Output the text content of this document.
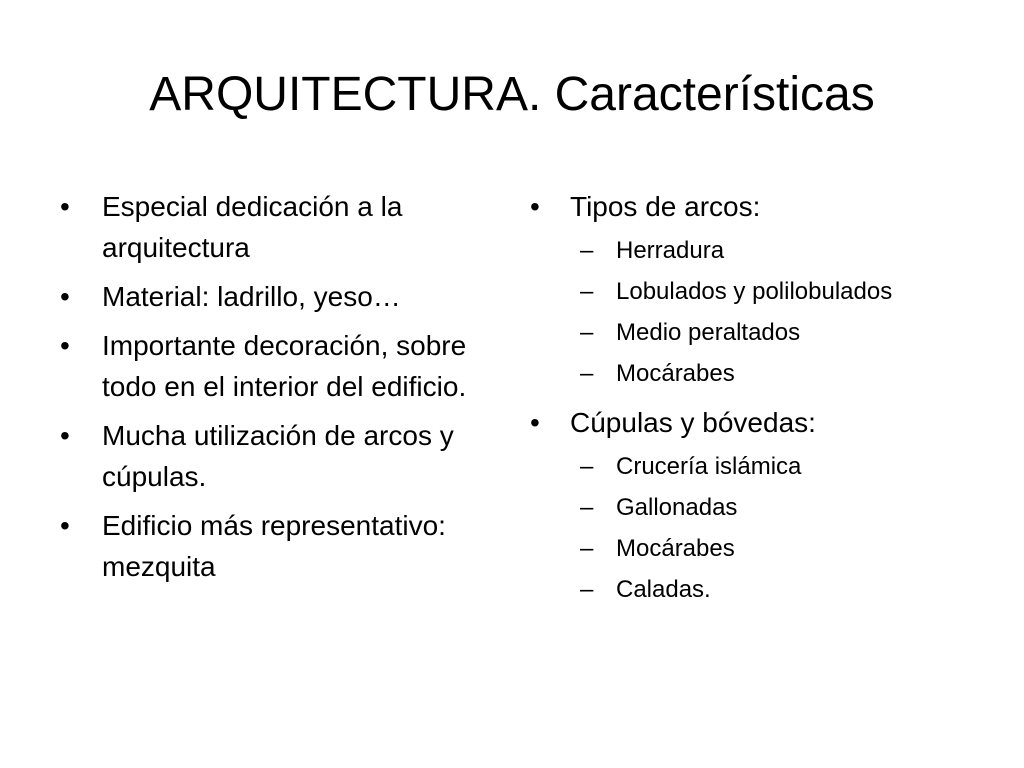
ARQUITECTURA. Características
• Especial dedicación a la arquitectura
• Material: ladrillo, yeso…
• Importante decoración, sobre todo en el interior del edificio.
• Mucha utilización de arcos y cúpulas.
• Edificio más representativo: mezquita
• Tipos de arcos:
– Herradura
– Lobulados y polilobulados
– Medio peraltados
– Mocárabes
• Cúpulas y bóvedas:
– Crucería islámica
– Gallonadas
– Mocárabes
– Caladas.
